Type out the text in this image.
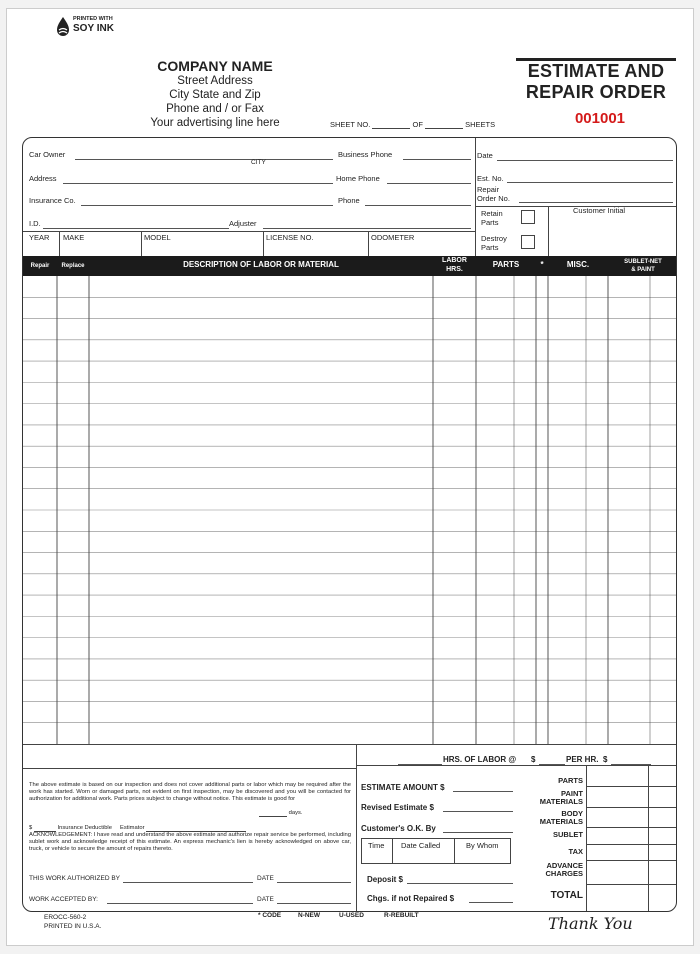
PRINTED WITH
SOY INK
COMPANY NAME
Street Address
City State and Zip
Phone and / or Fax
Your advertising line here
ESTIMATE AND
REPAIR ORDER
001001
SHEET NO.	OF	SHEETS
Car Owner
CITY
Business Phone	Date
Address	Home Phone	Est. No.
Repair
Order No.
Insurance Co.	Phone
Retain
Parts
Customer Initial
Destroy
Parts
I.D.	Adjuster
YEAR MAKE	MODEL	LICENSE NO.	ODOMETER
Repair	Replace	DESCRIPTION OF LABOR OR MATERIAL	LABOR
HRS.
PARTS	*	MISC.	SUBLET-NET
& PAINT
HRS. OF LABOR @ $	PER HR. $
The above estimate is based on our inspection and does not cover additional parts or labor which may be required after the work has started. Worn or damaged parts, not evident on first inspection, may be discovered and you will be contacted for authorization for additional work. Parts prices subject to change without notice. This estimate is good for
days.
$	Insurance Deductible Estimator
ACKNOWLEDGEMENT: I have read and understand the above estimate and authorize repair service be performed, including sublet work and acknowledge receipt of this estimate. An express mechanic's lien is hereby acknowledged on above car, truck, or vehicle to secure the amount of repairs thereto.
THIS WORK AUTHORIZED BY	DATE
WORK ACCEPTED BY:	DATE
ESTIMATE AMOUNT $
Revised Estimate $
Customer's O.K. By
Time Date Called	By Whom
Deposit $
Chgs. if not Repaired $
PARTS
PAINT
MATERIALS
BODY
MATERIALS
SUBLET
TAX
ADVANCE
CHARGES
TOTAL
EROCC-560-2
PRINTED IN U.S.A.
* CODE	N-NEW	U-USED	R-REBUILT	Thank You
